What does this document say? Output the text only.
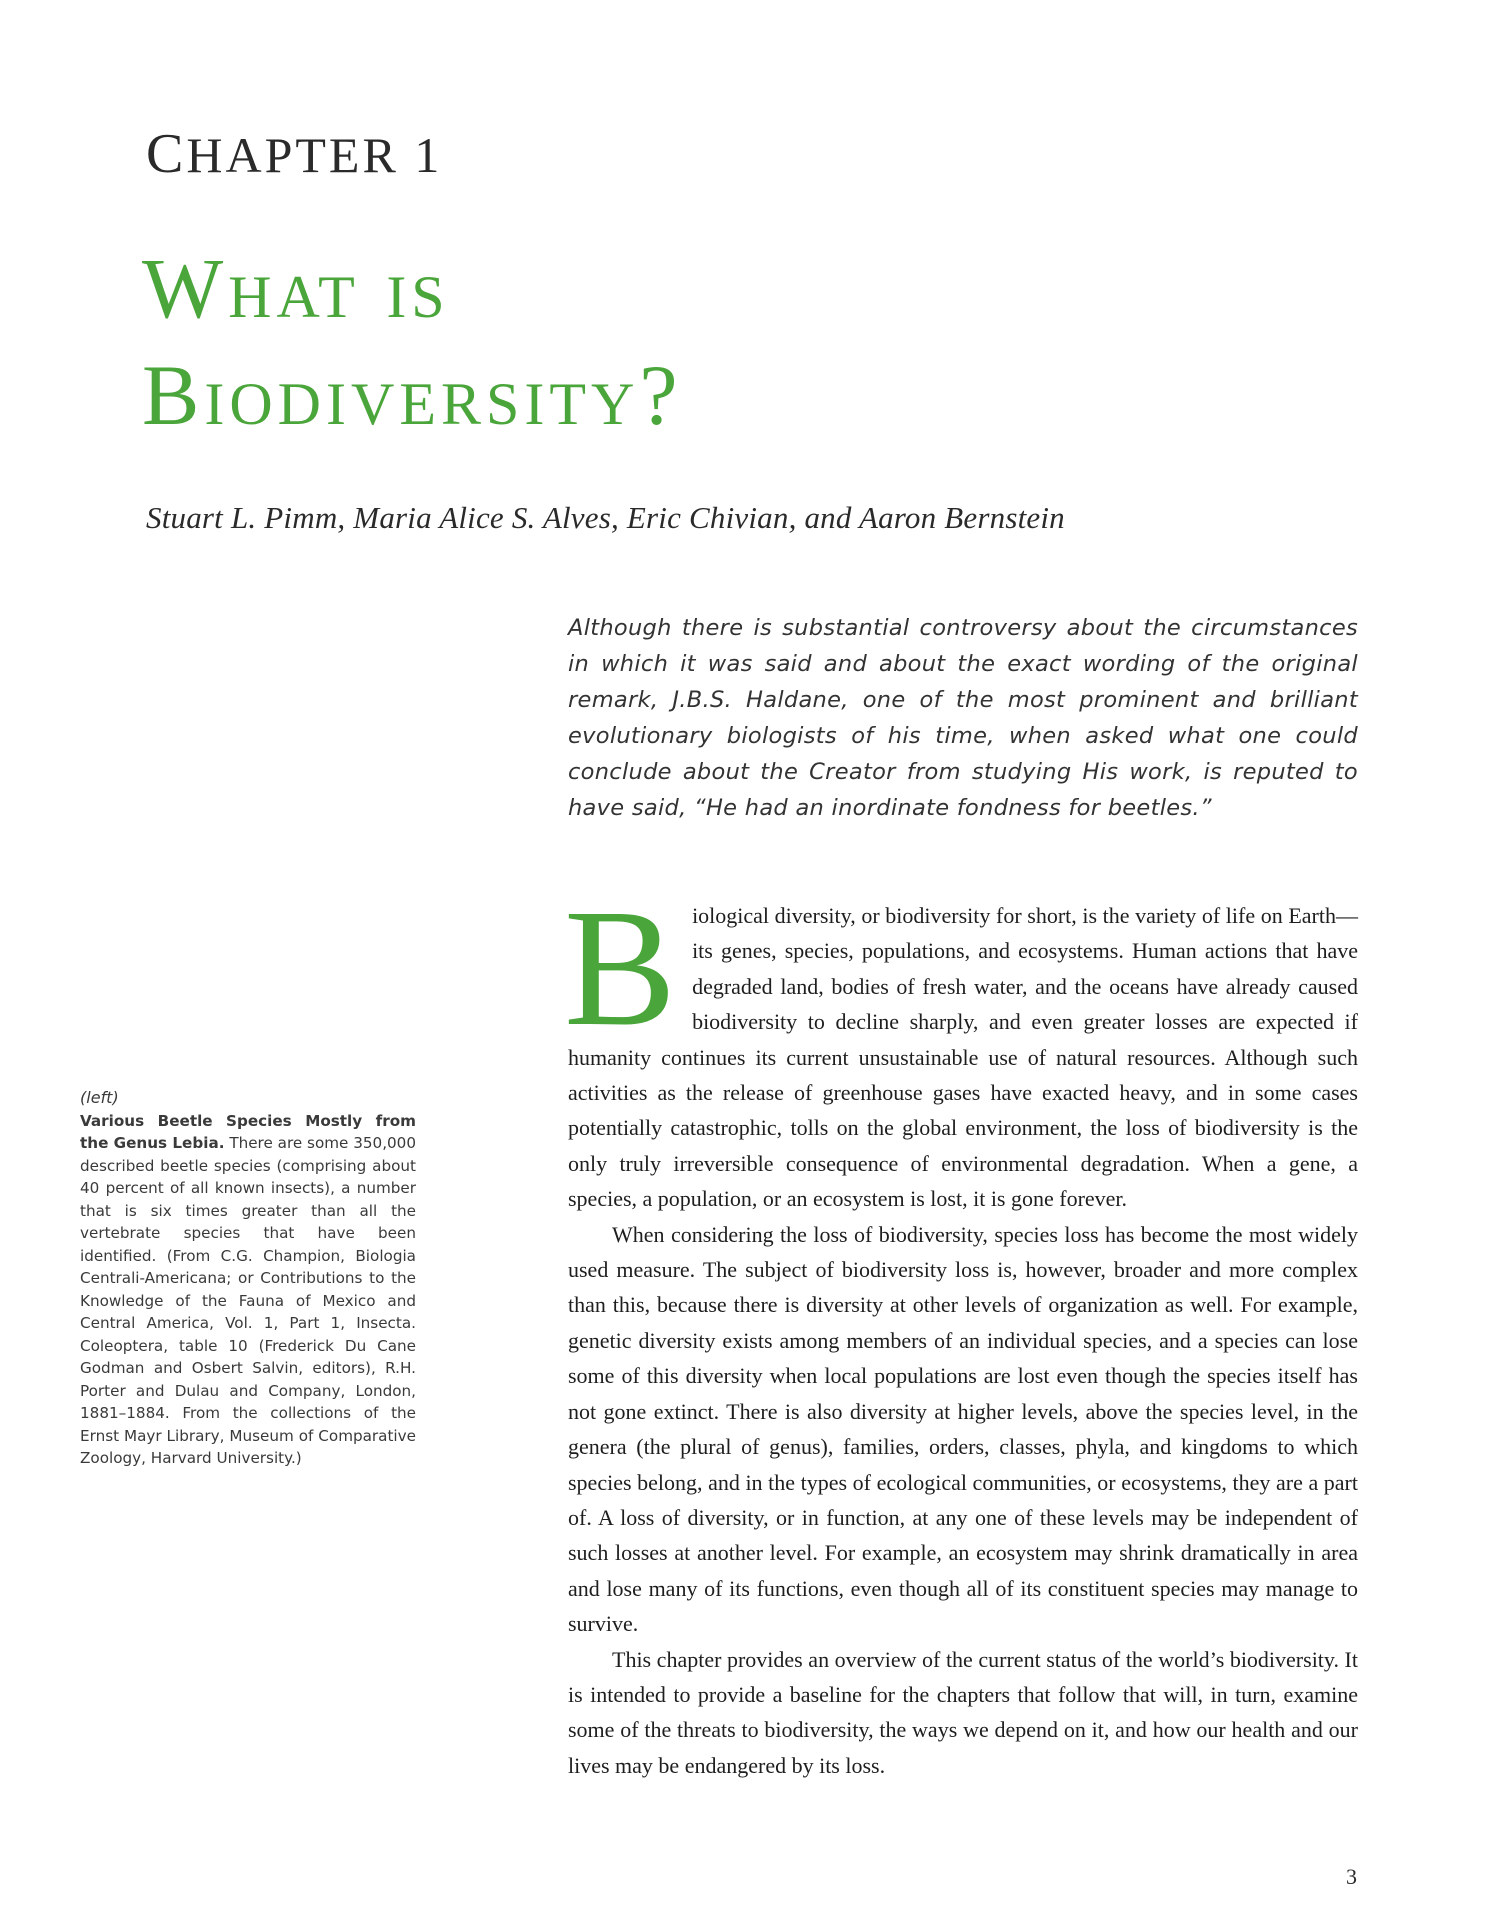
CHAPTER 1
What is
Biodiversity?
Stuart L. Pimm, Maria Alice S. Alves, Eric Chivian, and Aaron Bernstein
Although there is substantial controversy about the circumstances in which it was said and about the exact wording of the original remark, J.B.S. Haldane, one of the most prominent and brilliant evolutionary biologists of his time, when asked what one could conclude about the Creator from studying His work, is reputed to have said, “He had an inordinate fondness for beetles.”
(left)
Various Beetle Species Mostly from the Genus Lebia. There are some 350,000 described beetle species (comprising about 40 percent of all known insects), a number that is six times greater than all the vertebrate species that have been identified. (From C.G. Champion, Biologia Centrali-Americana; or Contributions to the Knowledge of the Fauna of Mexico and Central America, Vol. 1, Part 1, Insecta. Coleoptera, table 10 (Frederick Du Cane Godman and Osbert Salvin, editors), R.H. Porter and Dulau and Company, London, 1881–1884. From the collections of the Ernst Mayr Library, Museum of Comparative Zoology, Harvard University.)

Biological diversity, or biodiversity for short, is the variety of life on Earth—its genes, species, populations, and ecosystems. Human actions that have degraded land, bodies of fresh water, and the oceans have already caused biodiversity to decline sharply, and even greater losses are expected if humanity continues its current unsustainable use of natural resources. Although such activities as the release of greenhouse gases have exacted heavy, and in some cases potentially catastrophic, tolls on the global environment, the loss of biodiversity is the only truly irreversible consequence of environmental degradation. When a gene, a species, a population, or an ecosystem is lost, it is gone forever.

When considering the loss of biodiversity, species loss has become the most widely used measure. The subject of biodiversity loss is, however, broader and more complex than this, because there is diversity at other levels of organization as well. For example, genetic diversity exists among members of an individual species, and a species can lose some of this diversity when local populations are lost even though the species itself has not gone extinct. There is also diversity at higher levels, above the species level, in the genera (the plural of genus), families, orders, classes, phyla, and kingdoms to which species belong, and in the types of ecological communities, or ecosystems, they are a part of. A loss of diversity, or in function, at any one of these levels may be independent of such losses at another level. For example, an ecosystem may shrink dramatically in area and lose many of its functions, even though all of its constituent species may manage to survive.

This chapter provides an overview of the current status of the world’s biodiversity. It is intended to provide a baseline for the chapters that follow that will, in turn, examine some of the threats to biodiversity, the ways we depend on it, and how our health and our lives may be endangered by its loss.

3
